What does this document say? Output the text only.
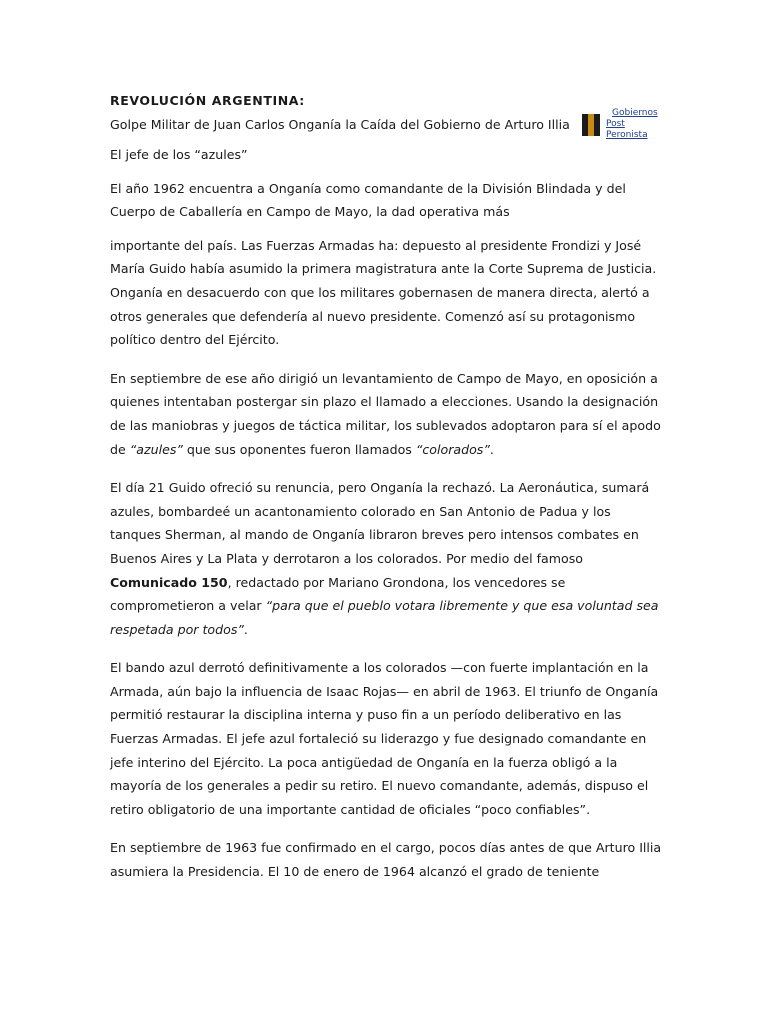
Gobiernos
Post
Peronista
REVOLUCIÓN ARGENTINA:
Golpe Militar de Juan Carlos Onganía la Caída del Gobierno de Arturo Illia

El jefe de los “azules”

El año 1962 encuentra a Onganía como comandante de la División Blindada y del Cuerpo de Caballería en Campo de Mayo, la dad operativa más

importante del país. Las Fuerzas Armadas ha: depuesto al presidente Frondizi y José María Guido había asumido la primera magistratura ante la Corte Suprema de Justicia. Onganía en desacuerdo con que los militares gobernasen de manera directa, alertó a otros generales que defendería al nuevo presidente. Comenzó así su protagonismo político dentro del Ejército.

En septiembre de ese año dirigió un levantamiento de Campo de Mayo, en oposición a quienes intentaban postergar sin plazo el llamado a elecciones. Usando la designación de las maniobras y juegos de táctica militar, los sublevados adoptaron para sí el apodo de “azules” que sus oponentes fueron llamados “colorados”.

El día 21 Guido ofreció su renuncia, pero Onganía la rechazó. La Aeronáutica, sumará azules, bombardeé un acantonamiento colorado en San Antonio de Padua y los tanques Sherman, al mando de Onganía libraron breves pero intensos combates en Buenos Aires y La Plata y derrotaron a los colorados. Por medio del famoso Comunicado 150, redactado por Mariano Grondona, los vencedores se comprometieron a velar “para que el pueblo votara libremente y que esa voluntad sea respetada por todos”.

El bando azul derrotó definitivamente a los colorados —con fuerte implantación en la Armada, aún bajo la influencia de Isaac Rojas— en abril de 1963. El triunfo de Onganía permitió restaurar la disciplina interna y puso fin a un período deliberativo en las Fuerzas Armadas. El jefe azul fortaleció su liderazgo y fue designado comandante en jefe interino del Ejército. La poca antigüedad de Onganía en la fuerza obligó a la mayoría de los generales a pedir su retiro. El nuevo comandante, además, dispuso el retiro obligatorio de una importante cantidad de oficiales “poco confiables”.

En septiembre de 1963 fue confirmado en el cargo, pocos días antes de que Arturo Illia asumiera la Presidencia. El 10 de enero de 1964 alcanzó el grado de teniente
